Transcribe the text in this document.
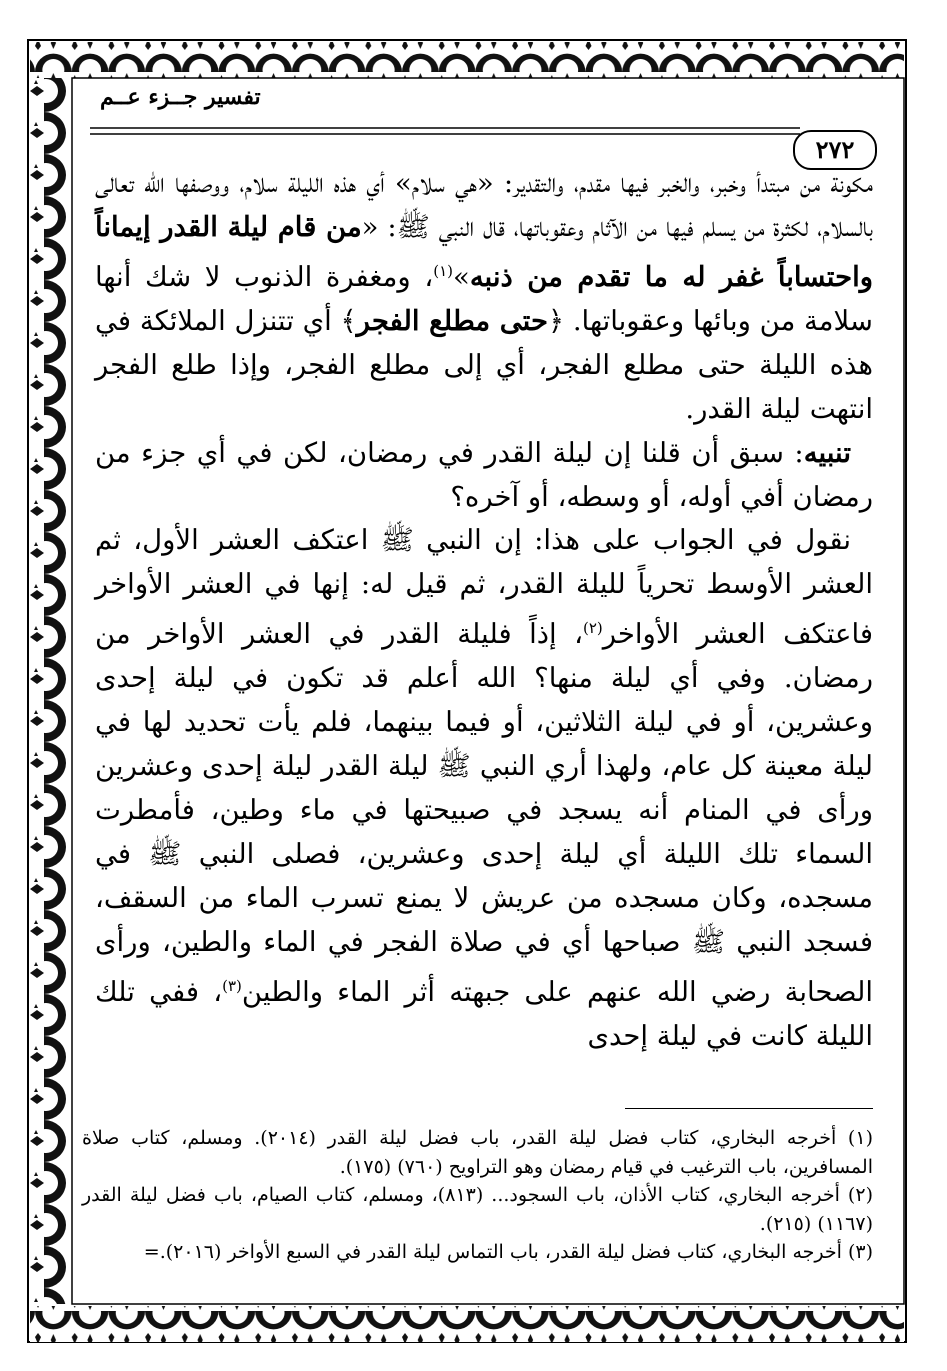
تفسير جــزء عــم
٢٧٢

مكونة من مبتدأ وخبر، والخبر فيها مقدم، والتقدير: «هي سلام» أي هذه الليلة سلام، ووصفها الله تعالى بالسلام، لكثرة من يسلم فيها من الآثام وعقوباتها، قال النبي ﷺ: «من قام ليلة القدر إيماناً واحتساباً غفر له ما تقدم من ذنبه»$^{(١)}$، ومغفرة الذنوب لا شك أنها سلامة من وبائها وعقوباتها. ﴿حتى مطلع الفجر﴾ أي تتنزل الملائكة في هذه الليلة حتى مطلع الفجر، أي إلى مطلع الفجر، وإذا طلع الفجر انتهت ليلة القدر.

تنبيه: سبق أن قلنا إن ليلة القدر في رمضان، لكن في أي جزء من رمضان أفي أوله، أو وسطه، أو آخره؟

نقول في الجواب على هذا: إن النبي ﷺ اعتكف العشر الأول، ثم العشر الأوسط تحرياً لليلة القدر، ثم قيل له: إنها في العشر الأواخر فاعتكف العشر الأواخر$^{(٢)}$، إذاً فليلة القدر في العشر الأواخر من رمضان. وفي أي ليلة منها؟ الله أعلم قد تكون في ليلة إحدى وعشرين، أو في ليلة الثلاثين، أو فيما بينهما، فلم يأت تحديد لها في ليلة معينة كل عام، ولهذا أري النبي ﷺ ليلة القدر ليلة إحدى وعشرين ورأى في المنام أنه يسجد في صبيحتها في ماء وطين، فأمطرت السماء تلك الليلة أي ليلة إحدى وعشرين، فصلى النبي ﷺ في مسجده، وكان مسجده من عريش لا يمنع تسرب الماء من السقف، فسجد النبي ﷺ صباحها أي في صلاة الفجر في الماء والطين، ورأى الصحابة رضي الله عنهم على جبهته أثر الماء والطين$^{(٣)}$، ففي تلك الليلة كانت في ليلة إحدى

(١) أخرجه البخاري، كتاب فضل ليلة القدر، باب فضل ليلة القدر (٢٠١٤). ومسلم، كتاب صلاة المسافرين، باب الترغيب في قيام رمضان وهو التراويح (٧٦٠) (١٧٥).

(٢) أخرجه البخاري، كتاب الأذان، باب السجود... (٨١٣)، ومسلم، كتاب الصيام، باب فضل ليلة القدر (١١٦٧) (٢١٥).

(٣) أخرجه البخاري، كتاب فضل ليلة القدر، باب التماس ليلة القدر في السبع الأواخر (٢٠١٦).=
